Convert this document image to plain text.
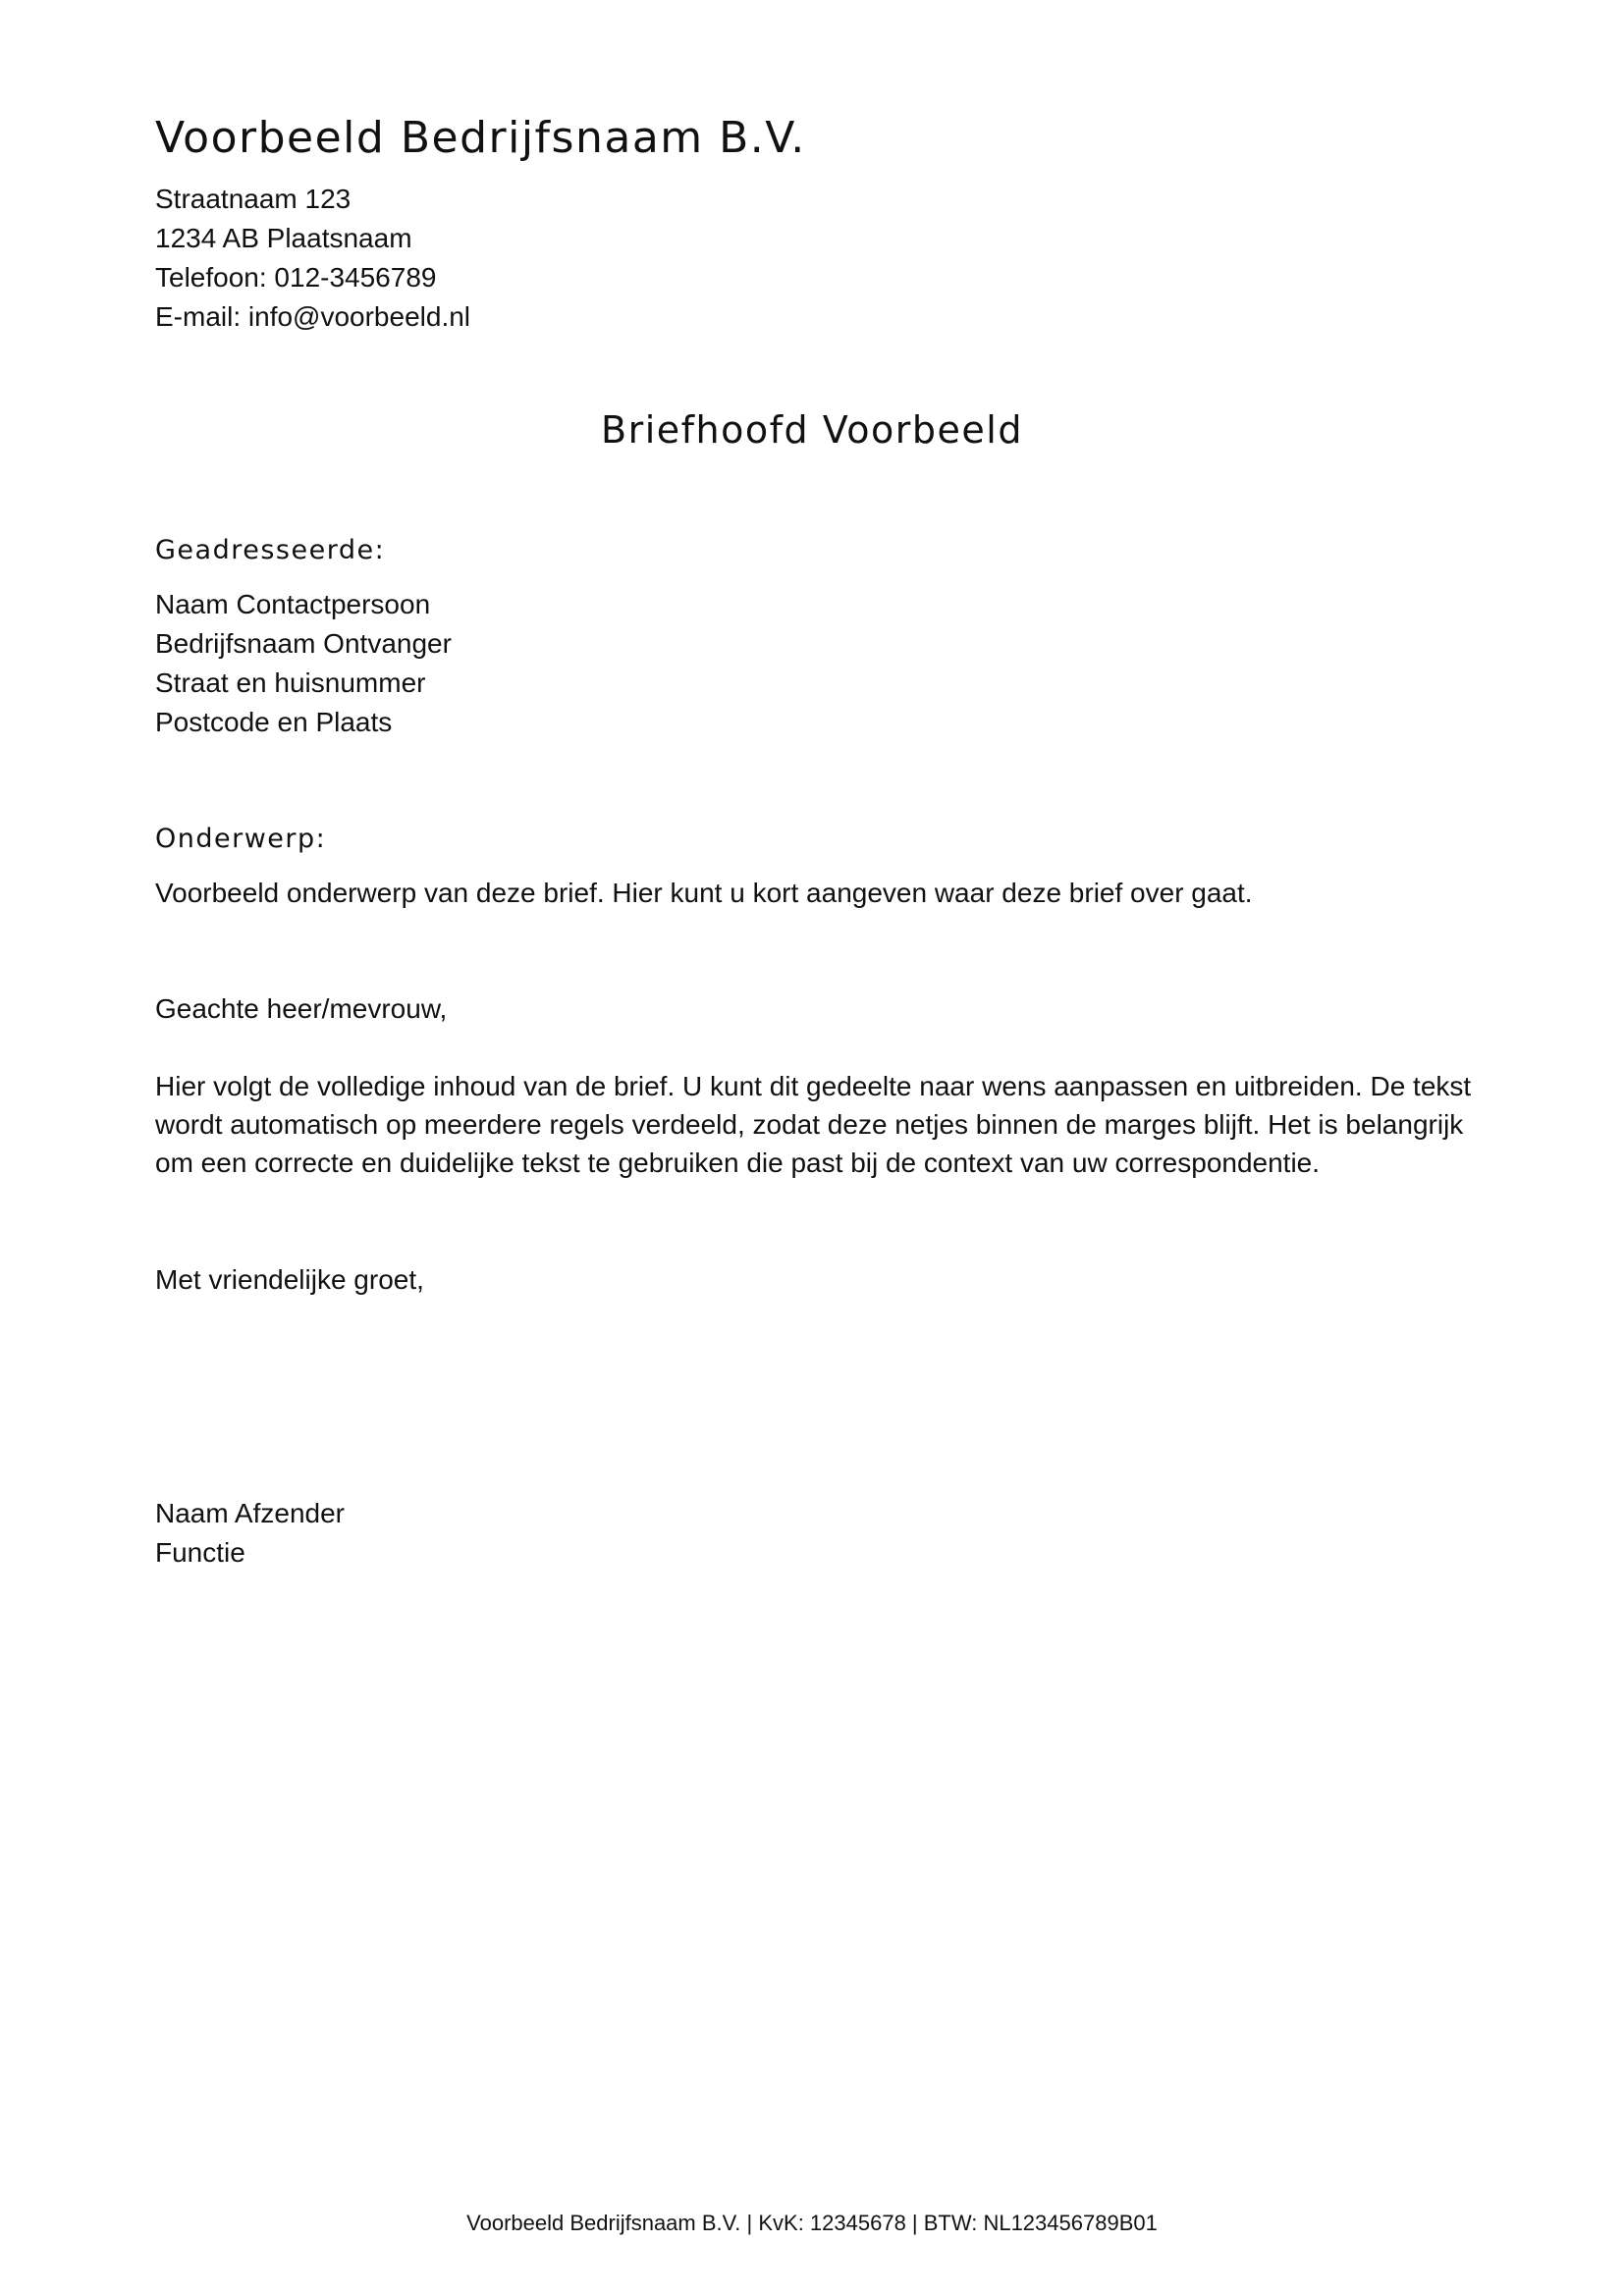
Voorbeeld Bedrijfsnaam B.V.
Straatnaam 123
1234 AB Plaatsnaam
Telefoon: 012-3456789
E-mail: info@voorbeeld.nl
Briefhoofd Voorbeeld
Geadresseerde:
Naam Contactpersoon
Bedrijfsnaam Ontvanger
Straat en huisnummer
Postcode en Plaats
Onderwerp:
Voorbeeld onderwerp van deze brief. Hier kunt u kort aangeven waar deze brief over gaat.
Geachte heer/mevrouw,

Hier volgt de volledige inhoud van de brief. U kunt dit gedeelte naar wens aanpassen en uitbreiden. De tekst wordt automatisch op meerdere regels verdeeld, zodat deze netjes binnen de marges blijft. Het is belangrijk om een correcte en duidelijke tekst te gebruiken die past bij de context van uw correspondentie.

Met vriendelijke groet,
Naam Afzender
Functie
Voorbeeld Bedrijfsnaam B.V. | KvK: 12345678 | BTW: NL123456789B01
